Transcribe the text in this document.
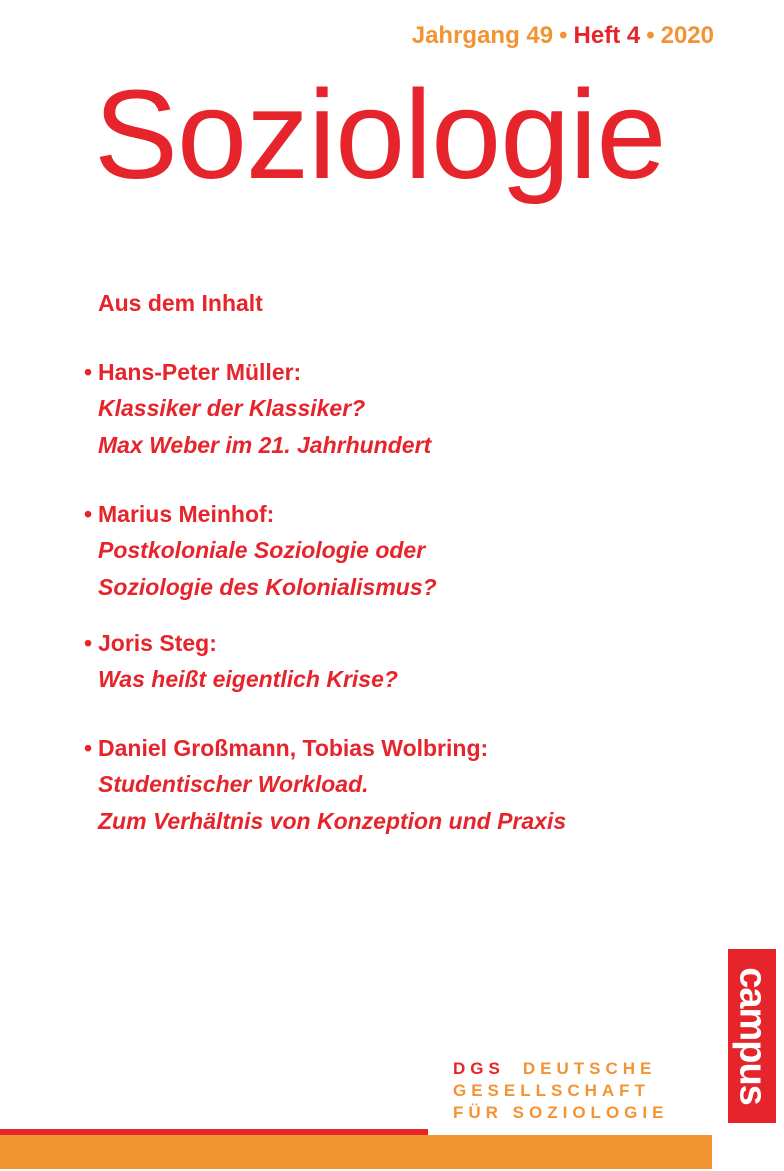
Jahrgang 49 • Heft 4 • 2020
Soziologie
Aus dem Inhalt
• Hans-Peter Müller:
Klassiker der Klassiker?
Max Weber im 21. Jahrhundert
• Marius Meinhof:
Postkoloniale Soziologie oder
Soziologie des Kolonialismus?
• Joris Steg:
Was heißt eigentlich Krise?
• Daniel Großmann, Tobias Wolbring:
Studentischer Workload.
Zum Verhältnis von Konzeption und Praxis
DGS DEUTSCHE
GESELLSCHAFT
FÜR SOZIOLOGIE
campus
